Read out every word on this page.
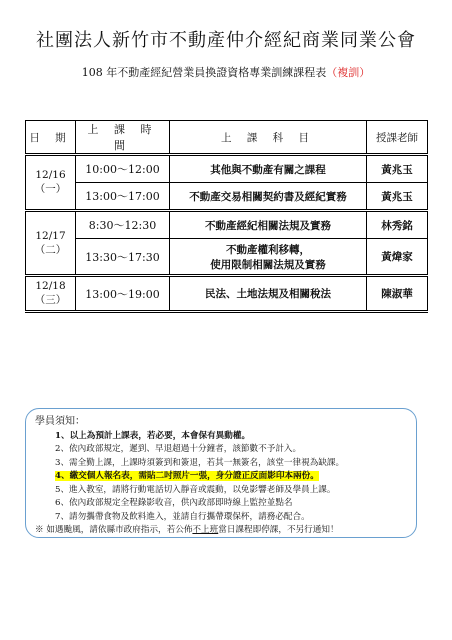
社團法人新竹市不動產仲介經紀商業同業公會
108 年不動產經紀營業員換證資格專業訓練課程表（複訓）
日 期	上 課 時 間	上 課 科 目	授課老師

12/16
（一）	10:00～12:00	其他與不動產有關之課程	黃兆玉
	13:00～17:00	不動產交易相關契約書及經紀實務	黃兆玉

12/17
（二）	8:30～12:30	不動產經紀相關法規及實務	林秀銘
	13:30～17:30	不動產權利移轉，
使用限制相關法規及實務	黃煒家

12/18
（三）	13:00～19:00	民法、土地法規及相關稅法	陳淑華
學員須知：
1、以上為預計上課表，若必要，本會保有異動權。
2、依內政部規定，遲到、早退超過十分鐘者，該節數不予計入。
3、需全勤上課，上課時須簽到和簽退，若其一無簽名，該堂一律視為缺課。
4、繳交個人報名表，需貼二吋照片一張，身分證正反面影印本兩份。
5、進入教室，請將行動電話切入靜音或震動，以免影響老師及學員上課。
6、依內政部規定全程錄影收音，供內政部即時線上監控並點名
7、請勿攜帶食物及飲料進入，並請自行攜帶環保杯，請務必配合。
※ 如遇颱風，請依縣市政府指示，若公佈不上班當日課程即停課，不另行通知！
